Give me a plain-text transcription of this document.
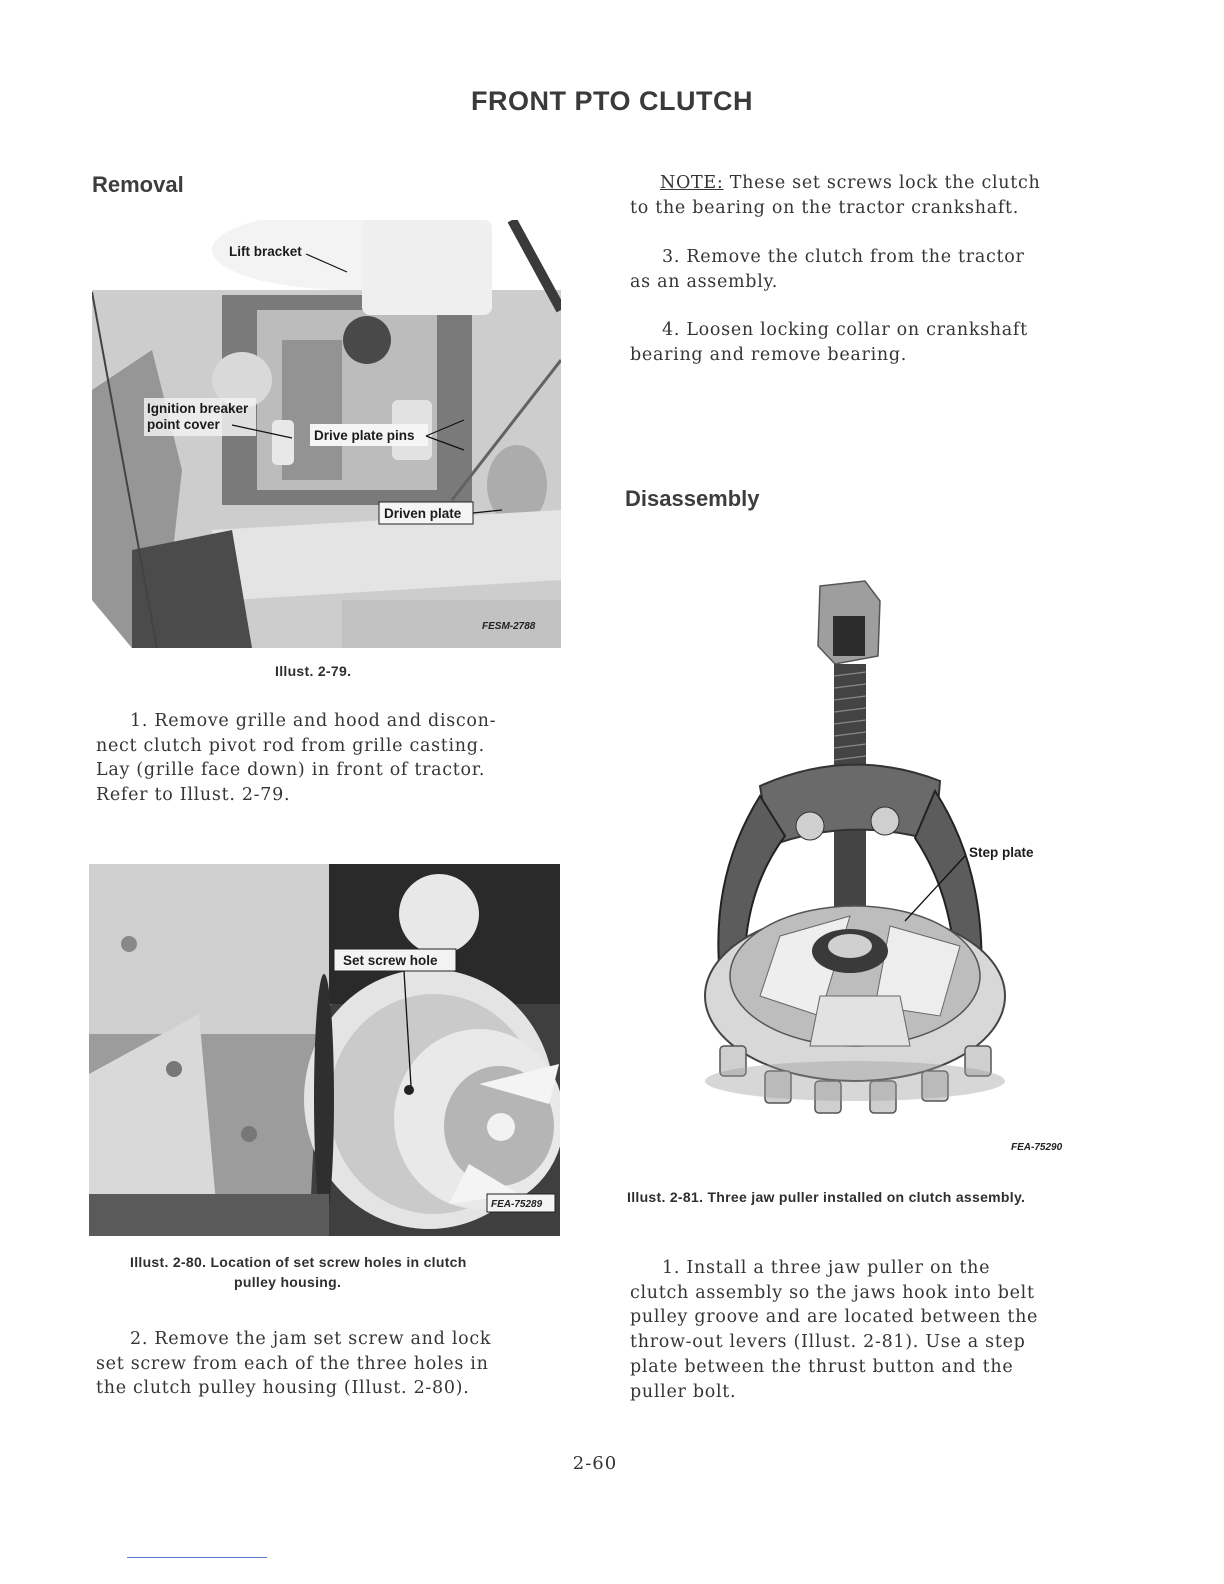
FRONT PTO CLUTCH
Removal
Lift bracket
Ignition breaker
point cover
Drive plate pins
Driven plate
FESM-2788
Illust. 2-79.
1. Remove grille and hood and discon-
nect clutch pivot rod from grille casting.
Lay (grille face down) in front of tractor.
Refer to Illust. 2-79.
Set screw hole
FEA-75289
Illust. 2-80. Location of set screw holes in clutch
pulley housing.
2. Remove the jam set screw and lock
set screw from each of the three holes in
the clutch pulley housing (Illust. 2-80).
NOTE: These set screws lock the clutch
to the bearing on the tractor crankshaft.
3. Remove the clutch from the tractor
as an assembly.
4. Loosen locking collar on crankshaft
bearing and remove bearing.
Disassembly
Step plate
FEA-75290
Illust. 2-81. Three jaw puller installed on clutch assembly.
1. Install a three jaw puller on the
clutch assembly so the jaws hook into belt
pulley groove and are located between the
throw-out levers (Illust. 2-81). Use a step
plate between the thrust button and the
puller bolt.
2-60
